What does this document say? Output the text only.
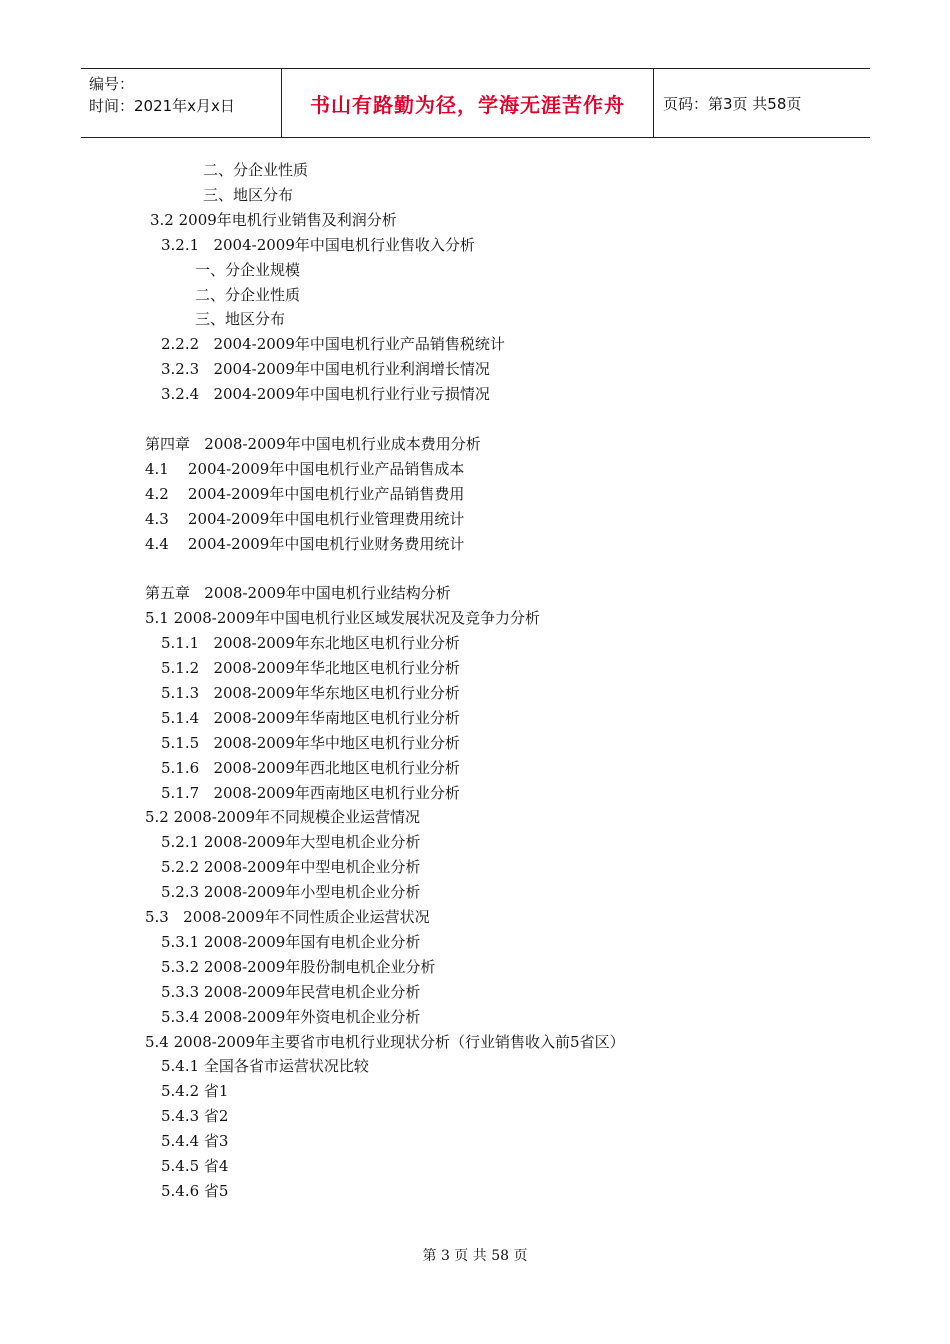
编号：
时间：2021年x月x日	书山有路勤为径，学海无涯苦作舟	页码：第3页 共58页
二、分企业性质
三、地区分布
3.2 2009年电机行业销售及利润分析
3.2.1   2004-2009年中国电机行业售收入分析
一、分企业规模
二、分企业性质
三、地区分布
2.2.2   2004-2009年中国电机行业产品销售税统计
3.2.3   2004-2009年中国电机行业利润增长情况
3.2.4   2004-2009年中国电机行业行业亏损情况
第四章   2008-2009年中国电机行业成本费用分析
4.1    2004-2009年中国电机行业产品销售成本
4.2    2004-2009年中国电机行业产品销售费用
4.3    2004-2009年中国电机行业管理费用统计
4.4    2004-2009年中国电机行业财务费用统计
第五章   2008-2009年中国电机行业结构分析
5.1 2008-2009年中国电机行业区域发展状况及竞争力分析
5.1.1   2008-2009年东北地区电机行业分析
5.1.2   2008-2009年华北地区电机行业分析
5.1.3   2008-2009年华东地区电机行业分析
5.1.4   2008-2009年华南地区电机行业分析
5.1.5   2008-2009年华中地区电机行业分析
5.1.6   2008-2009年西北地区电机行业分析
5.1.7   2008-2009年西南地区电机行业分析
5.2 2008-2009年不同规模企业运营情况
5.2.1 2008-2009年大型电机企业分析
5.2.2 2008-2009年中型电机企业分析
5.2.3 2008-2009年小型电机企业分析
5.3   2008-2009年不同性质企业运营状况
5.3.1 2008-2009年国有电机企业分析
5.3.2 2008-2009年股份制电机企业分析
5.3.3 2008-2009年民营电机企业分析
5.3.4 2008-2009年外资电机企业分析
5.4 2008-2009年主要省市电机行业现状分析（行业销售收入前5省区）
5.4.1 全国各省市运营状况比较
5.4.2 省1
5.4.3 省2
5.4.4 省3
5.4.5 省4
5.4.6 省5
第 3 页 共 58 页
